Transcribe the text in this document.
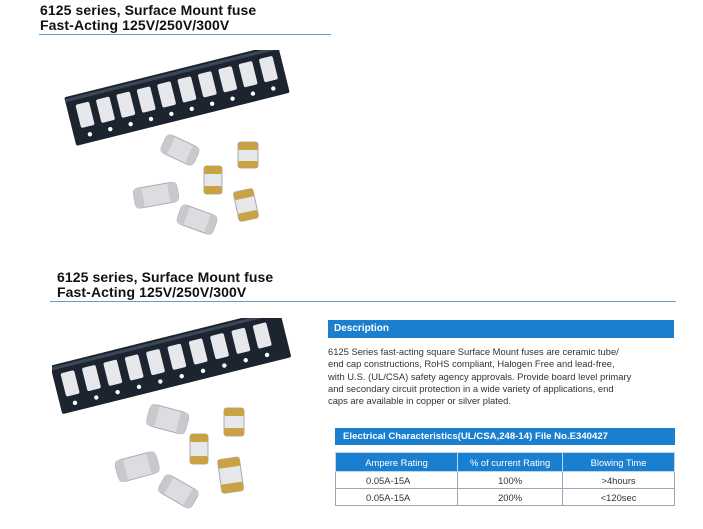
6125 series, Surface Mount fuse
Fast-Acting 125V/250V/300V
6125 series, Surface Mount fuse
Fast-Acting 125V/250V/300V
Description
6125 Series fast-acting square Surface Mount fuses are ceramic tube/
end cap constructions, RoHS compliant, Halogen Free and lead-free,
with U.S. (UL/CSA) safety agency approvals. Provide board level primary
and secondary circuit protection in a wide variety of applications, end
caps are available in copper or silver plated.
Electrical Characteristics(UL/CSA,248-14) File No.E340427
Ampere Rating	% of current Rating	Blowing Time
0.05A-15A	100%	>4hours
0.05A-15A	200%	<120sec
